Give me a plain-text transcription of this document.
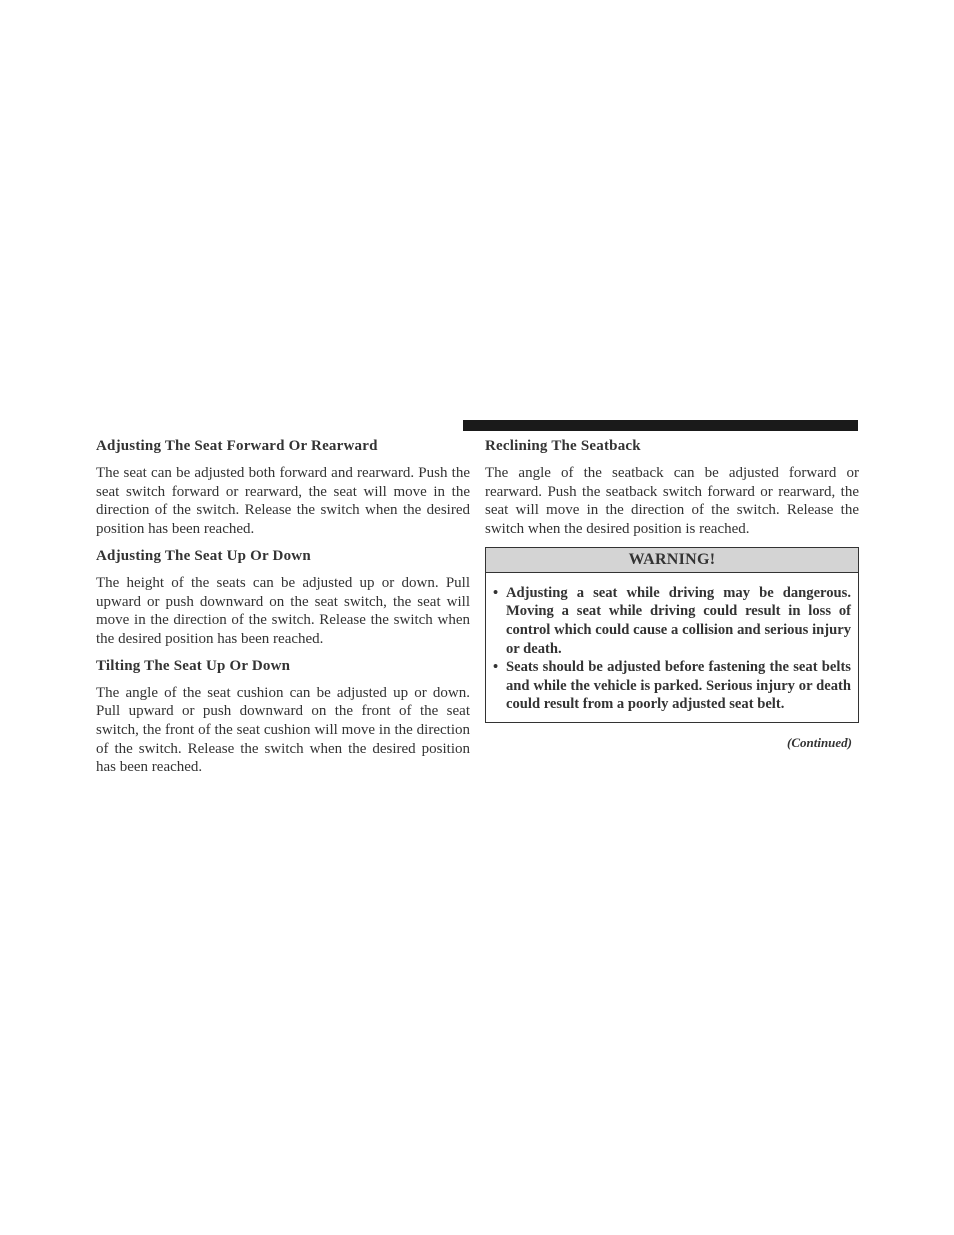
Adjusting The Seat Forward Or Rearward

The seat can be adjusted both forward and rearward. Push the seat switch forward or rearward, the seat will move in the direction of the switch. Release the switch when the desired position has been reached.

Adjusting The Seat Up Or Down

The height of the seats can be adjusted up or down. Pull upward or push downward on the seat switch, the seat will move in the direction of the switch. Release the switch when the desired position has been reached.

Tilting The Seat Up Or Down

The angle of the seat cushion can be adjusted up or down. Pull upward or push downward on the front of the seat switch, the front of the seat cushion will move in the direction of the switch. Release the switch when the desired position has been reached.

Reclining The Seatback

The angle of the seatback can be adjusted forward or rearward. Push the seatback switch forward or rearward, the seat will move in the direction of the switch. Release the switch when the desired position is reached.

WARNING!
• Adjusting a seat while driving may be dangerous. Moving a seat while driving could result in loss of control which could cause a collision and serious injury or death.
• Seats should be adjusted before fastening the seat belts and while the vehicle is parked. Serious injury or death could result from a poorly adjusted seat belt.
(Continued)
